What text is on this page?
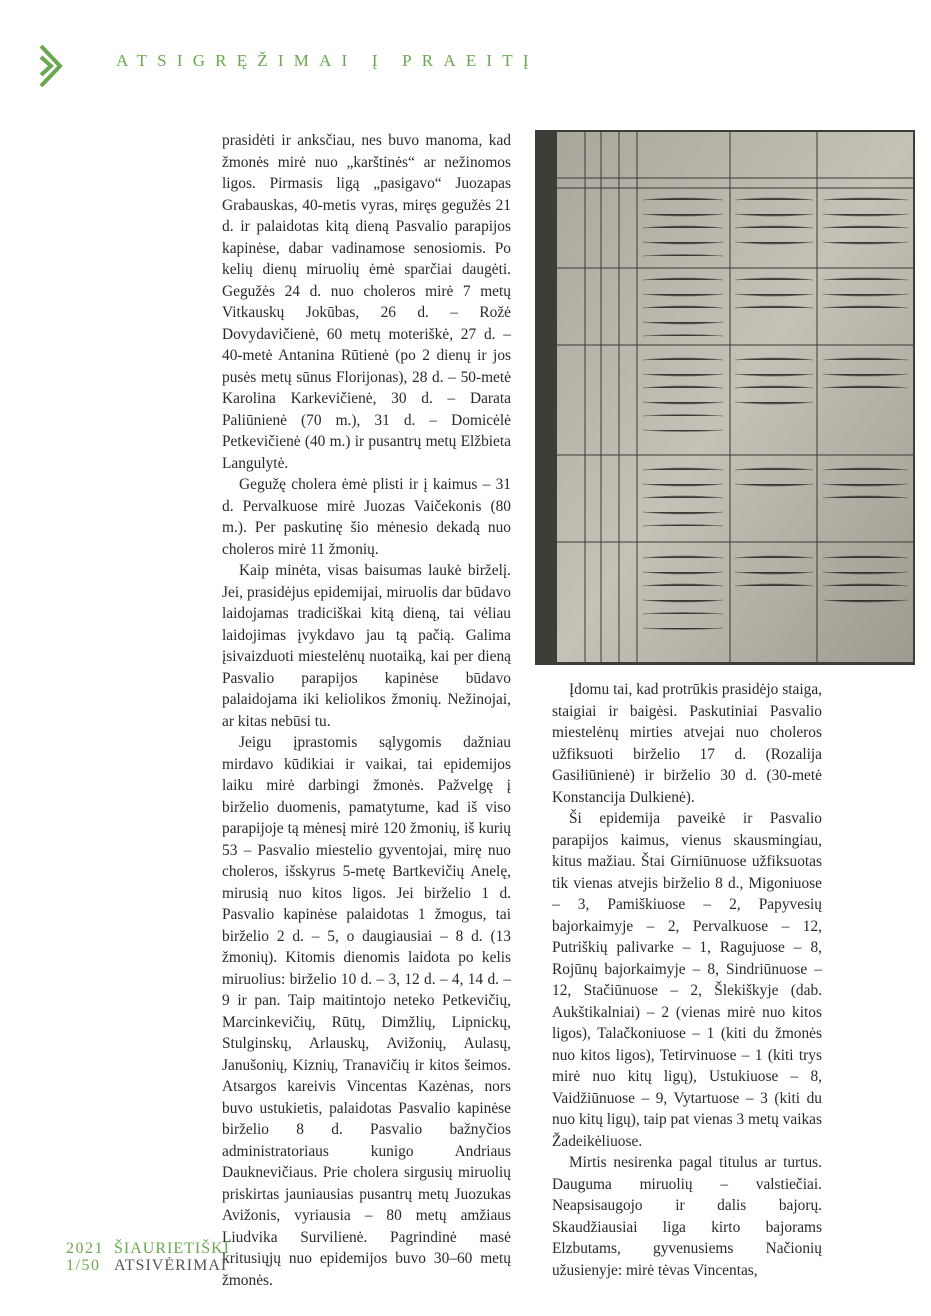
ATSIGRĘŽIMAI Į PRAEITĮ

prasidėti ir anksčiau, nes buvo manoma, kad žmonės mirė nuo „karštinės“ ar nežinomos ligos. Pirmasis ligą „pasigavo“ Juozapas Grabauskas, 40-metis vyras, miręs gegužės 21 d. ir palaidotas kitą dieną Pasvalio parapijos kapinėse, dabar vadinamose senosiomis. Po kelių dienų miruolių ėmė sparčiai daugėti. Gegužės 24 d. nuo choleros mirė 7 metų Vitkauskų Jokūbas, 26 d. – Rožė Dovydavičienė, 60 metų moteriškė, 27 d. – 40-metė Antanina Rūtienė (po 2 dienų ir jos pusės metų sūnus Florijonas), 28 d. – 50-metė Karolina Karkevičienė, 30 d. – Darata Paliūnienė (70 m.), 31 d. – Domicėlė Petkevičienė (40 m.) ir pusantrų metų Elžbieta Langulytė.

Gegužę cholera ėmė plisti ir į kaimus – 31 d. Pervalkuose mirė Juozas Vaičekonis (80 m.). Per paskutinę šio mėnesio dekadą nuo choleros mirė 11 žmonių.

Kaip minėta, visas baisumas laukė birželį. Jei, prasidėjus epidemijai, miruolis dar būdavo laidojamas tradiciškai kitą dieną, tai vėliau laidojimas įvykdavo jau tą pačią. Galima įsivaizduoti miestelėnų nuotaiką, kai per dieną Pasvalio parapijos kapinėse būdavo palaidojama iki keliolikos žmonių. Nežinojai, ar kitas nebūsi tu.

Jeigu įprastomis sąlygomis dažniau mirdavo kūdikiai ir vaikai, tai epidemijos laiku mirė darbingi žmonės. Pažvelgę į birželio duomenis, pamatytume, kad iš viso parapijoje tą mėnesį mirė 120 žmonių, iš kurių 53 – Pasvalio miestelio gyventojai, mirę nuo choleros, išskyrus 5-metę Bartkevičių Anelę, mirusią nuo kitos ligos. Jei birželio 1 d. Pasvalio kapinėse palaidotas 1 žmogus, tai birželio 2 d. – 5, o daugiausiai – 8 d. (13 žmonių). Kitomis dienomis laidota po kelis miruolius: birželio 10 d. – 3, 12 d. – 4, 14 d. – 9 ir pan. Taip maitintojo neteko Petkevičių, Marcinkevičių, Rūtų, Dimžlių, Lipnickų, Stulginskų, Arlauskų, Avižonių, Aulasų, Janušonių, Kiznių, Tranavičių ir kitos šeimos. Atsargos kareivis Vincentas Kazėnas, nors buvo ustukietis, palaidotas Pasvalio kapinėse birželio 8 d. Pasvalio bažnyčios administratoriaus kunigo Andriaus Dauknevičiaus. Prie cholera sirgusių miruolių priskirtas jauniausias pusantrų metų Juozukas Avižonis, vyriausia – 80 metų amžiaus Liudvika Survilienė. Pagrindinė masė kritusiųjų nuo epidemijos buvo 30–60 metų žmonės.

Įdomu tai, kad protrūkis prasidėjo staiga, staigiai ir baigėsi. Paskutiniai Pasvalio miestelėnų mirties atvejai nuo choleros užfiksuoti birželio 17 d. (Rozalija Gasiliūnienė) ir birželio 30 d. (30-metė Konstancija Dulkienė).

Ši epidemija paveikė ir Pasvalio parapijos kaimus, vienus skausmingiau, kitus mažiau. Štai Girniūnuose užfiksuotas tik vienas atvejis birželio 8 d., Migoniuose – 3, Pamiškiuose – 2, Papyvesių bajorkaimyje – 2, Pervalkuose – 12, Putriškių palivarke – 1, Ragujuose – 8, Rojūnų bajorkaimyje – 8, Sindriūnuose – 12, Stačiūnuose – 2, Šlekiškyje (dab. Aukštikalniai) – 2 (vienas mirė nuo kitos ligos), Talačkoniuose – 1 (kiti du žmonės nuo kitos ligos), Tetirvinuose – 1 (kiti trys mirė nuo kitų ligų), Ustukiuose – 8, Vaidžiūnuose – 9, Vytartuose – 3 (kiti du nuo kitų ligų), taip pat vienas 3 metų vaikas Žadeikėliuose.

Mirtis nesirenka pagal titulus ar turtus. Dauguma miruolių – valstiečiai. Neapsisaugojo ir dalis bajorų. Skaudžiausiai liga kirto bajorams Elzbutams, gyvenusiems Načionių užusienyje: mirė tėvas Vincentas,

2021 ŠIAURIETIŠKI
1/50 ATSIVĖRIMAI
